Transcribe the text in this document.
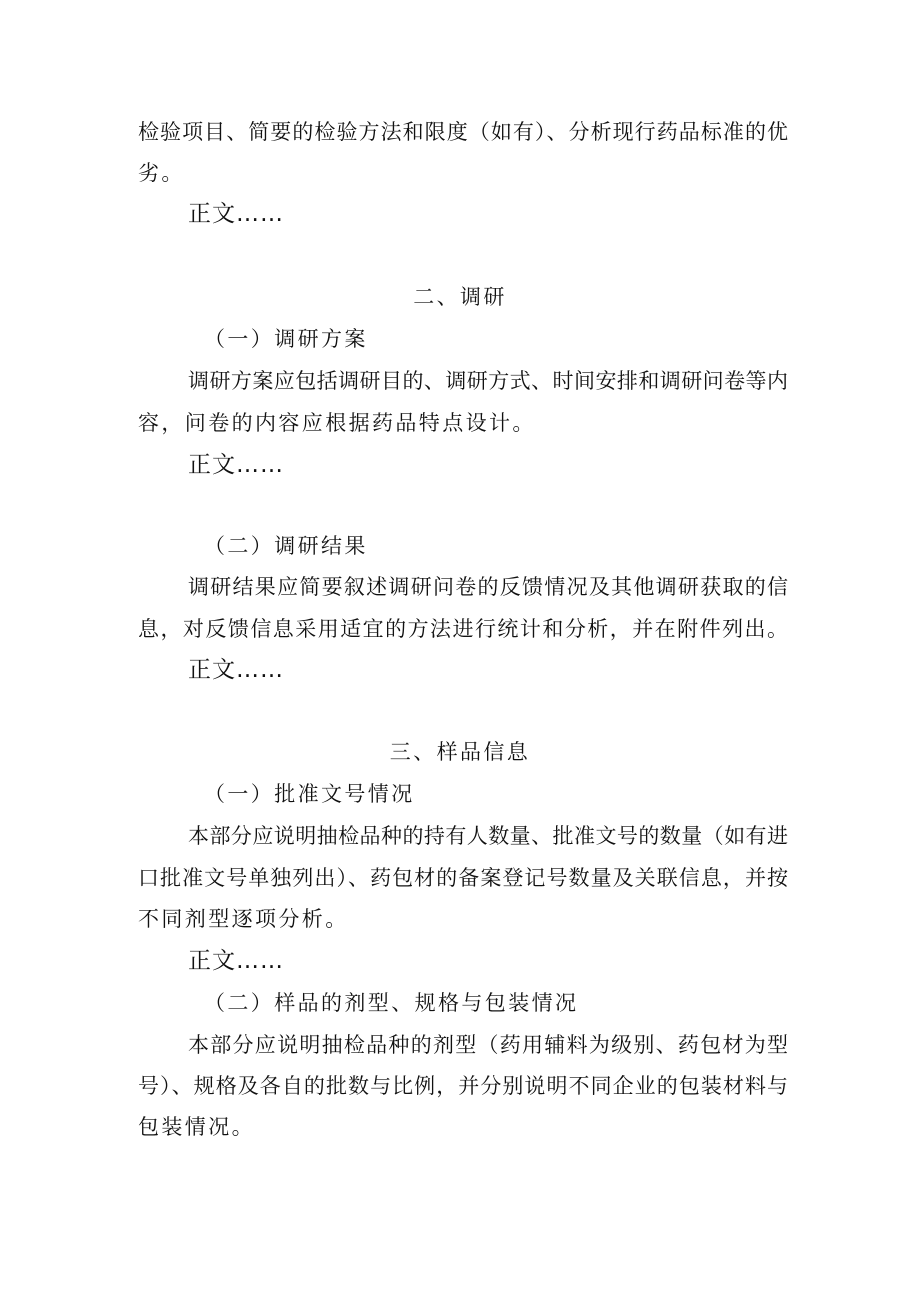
检验项目、简要的检验方法和限度（如有）、分析现行药品标准的优
劣。
正文……
二、调研
（一）调研方案
调研方案应包括调研目的、调研方式、时间安排和调研问卷等内
容，问卷的内容应根据药品特点设计。
正文……
（二）调研结果
调研结果应简要叙述调研问卷的反馈情况及其他调研获取的信
息，对反馈信息采用适宜的方法进行统计和分析，并在附件列出。
正文……
三、样品信息
（一）批准文号情况
本部分应说明抽检品种的持有人数量、批准文号的数量（如有进
口批准文号单独列出）、药包材的备案登记号数量及关联信息，并按
不同剂型逐项分析。
正文……
（二）样品的剂型、规格与包装情况
本部分应说明抽检品种的剂型（药用辅料为级别、药包材为型
号）、规格及各自的批数与比例，并分别说明不同企业的包装材料与
包装情况。
